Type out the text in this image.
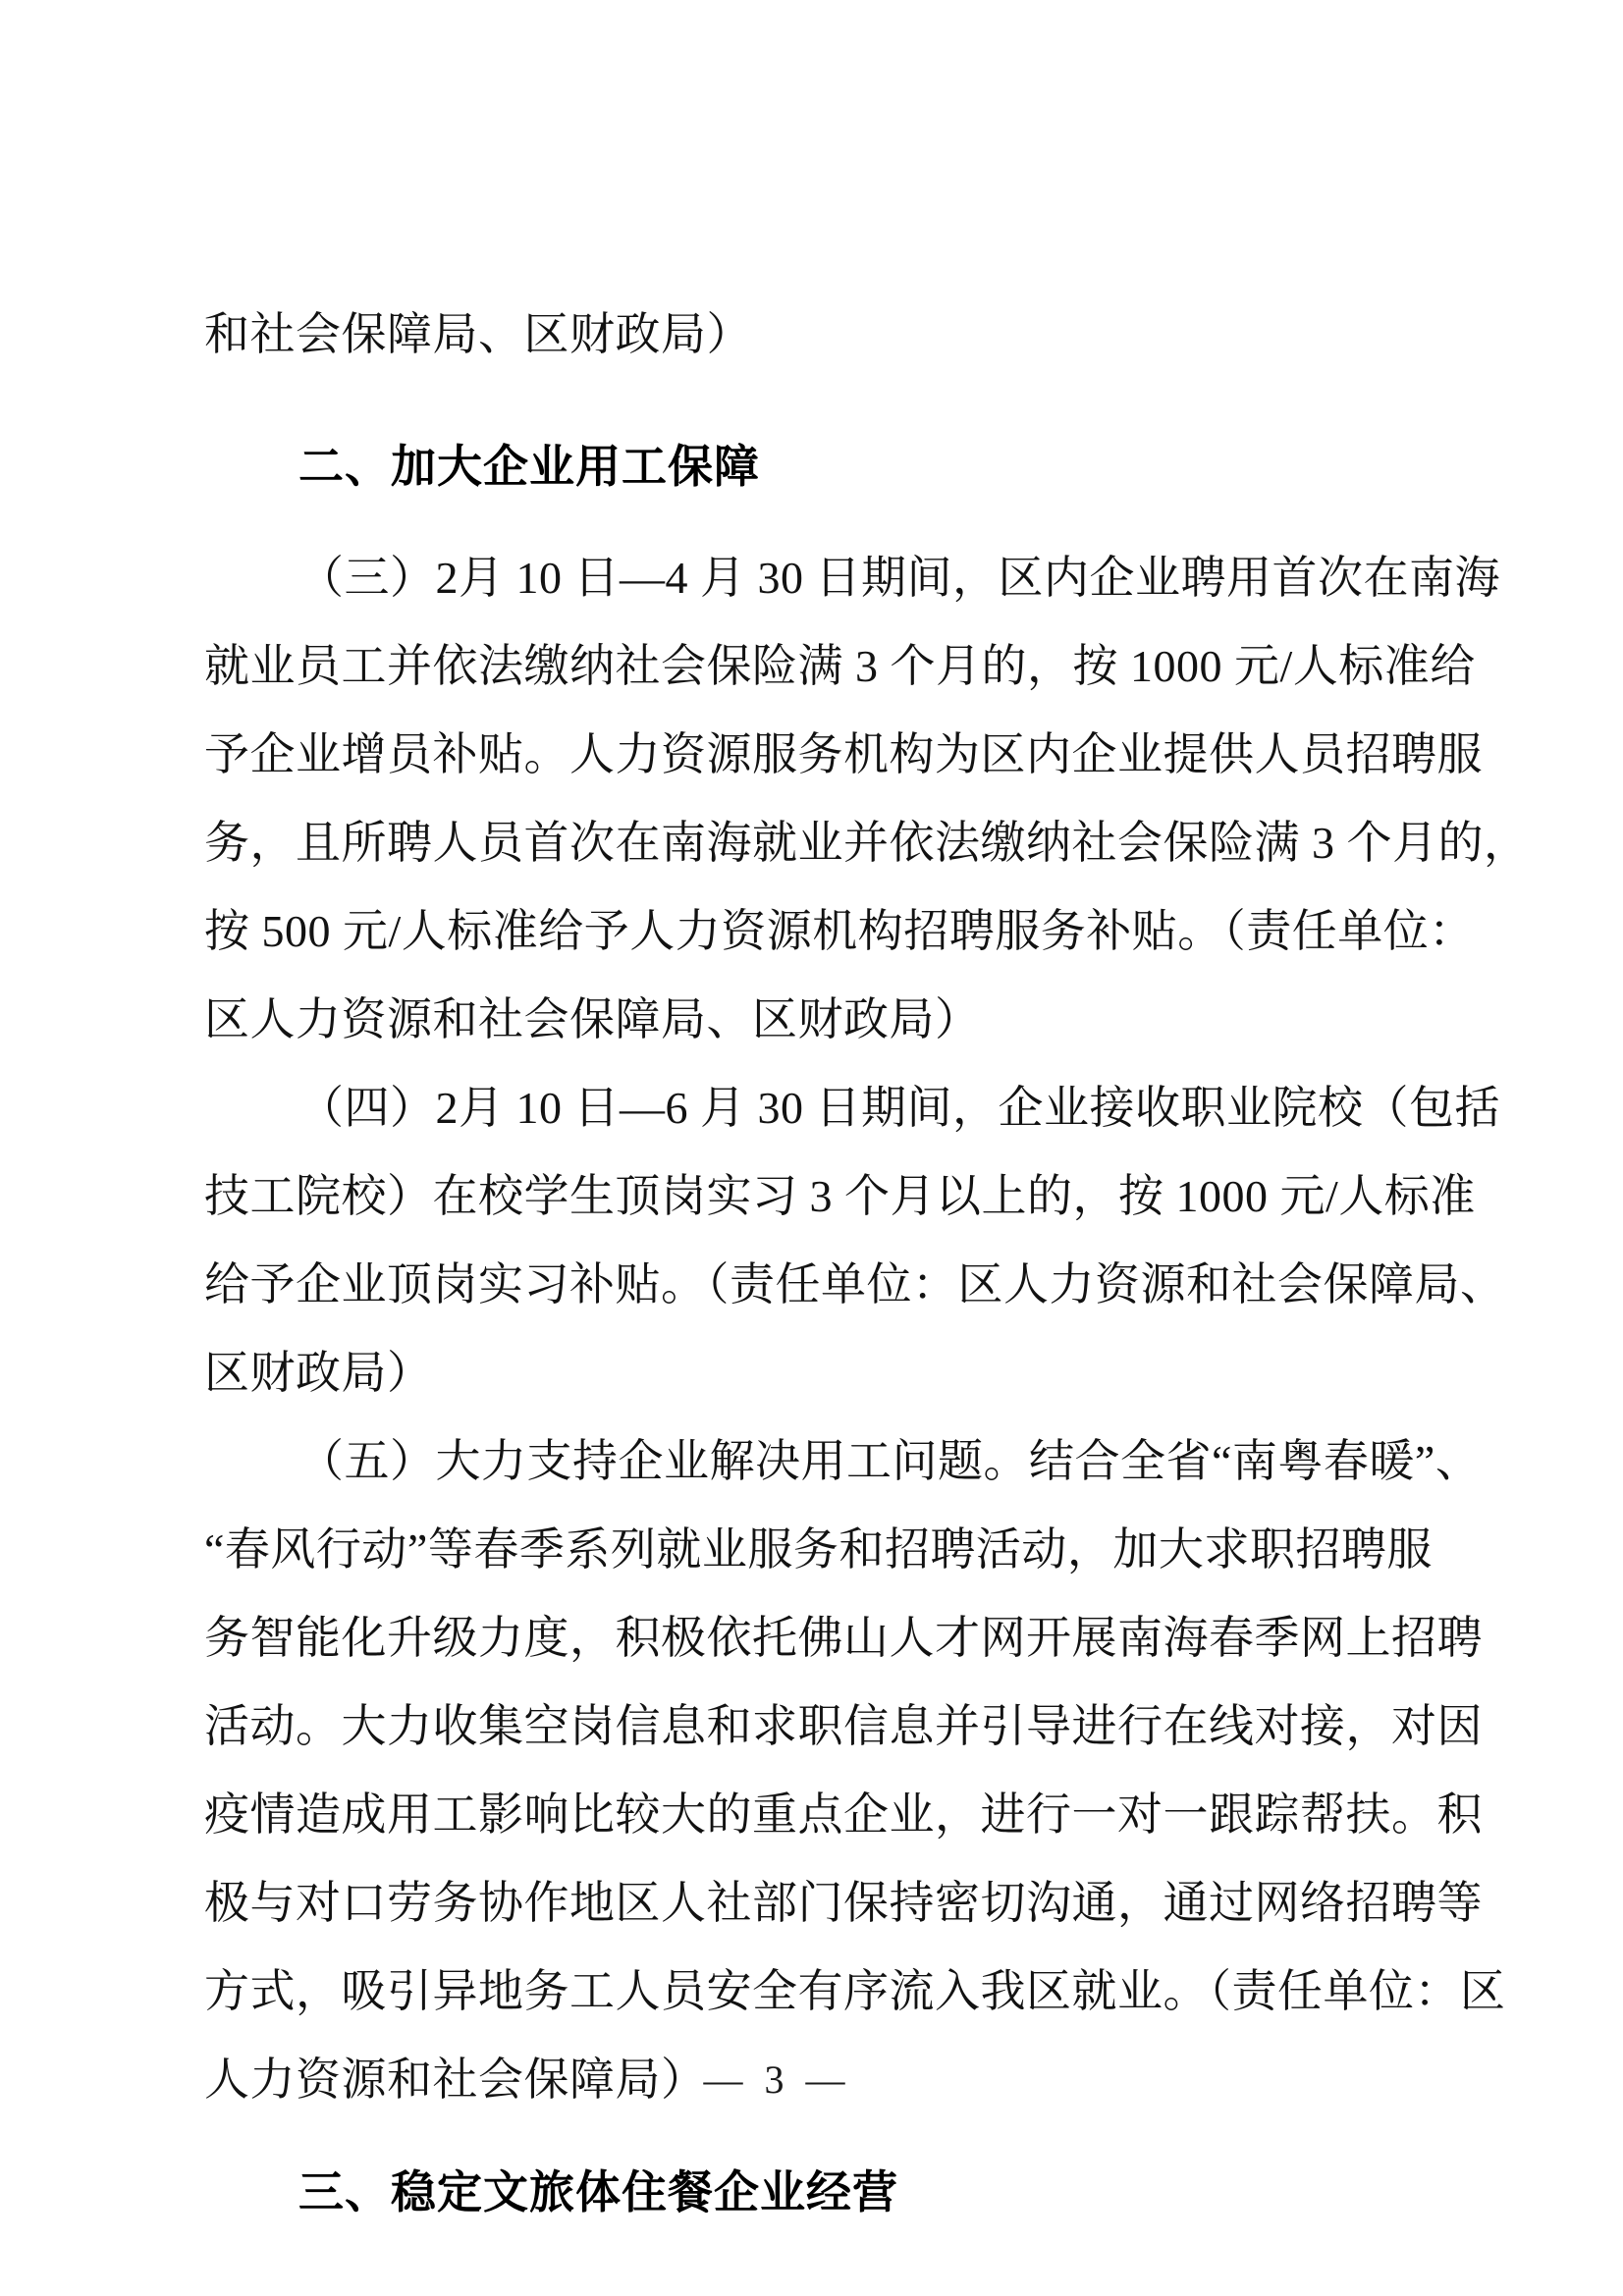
和社会保障局、区财政局）
二、加大企业用工保障
（三）2月 10 日—4 月 30 日期间，区内企业聘用首次在南海
就业员工并依法缴纳社会保险满 3 个月的，按 1000 元/人标准给
予企业增员补贴。人力资源服务机构为区内企业提供人员招聘服
务，且所聘人员首次在南海就业并依法缴纳社会保险满 3 个月的，
按 500 元/人标准给予人力资源机构招聘服务补贴。（责任单位：
区人力资源和社会保障局、区财政局）
（四）2月 10 日—6 月 30 日期间，企业接收职业院校（包括
技工院校）在校学生顶岗实习 3 个月以上的，按 1000 元/人标准
给予企业顶岗实习补贴。（责任单位：区人力资源和社会保障局、
区财政局）
（五）大力支持企业解决用工问题。结合全省“南粤春暖”、
“春风行动”等春季系列就业服务和招聘活动，加大求职招聘服
务智能化升级力度，积极依托佛山人才网开展南海春季网上招聘
活动。大力收集空岗信息和求职信息并引导进行在线对接，对因
疫情造成用工影响比较大的重点企业，进行一对一跟踪帮扶。积
极与对口劳务协作地区人社部门保持密切沟通，通过网络招聘等
方式，吸引异地务工人员安全有序流入我区就业。（责任单位：区
人力资源和社会保障局）
三、稳定文旅体住餐企业经营
— 3 —
